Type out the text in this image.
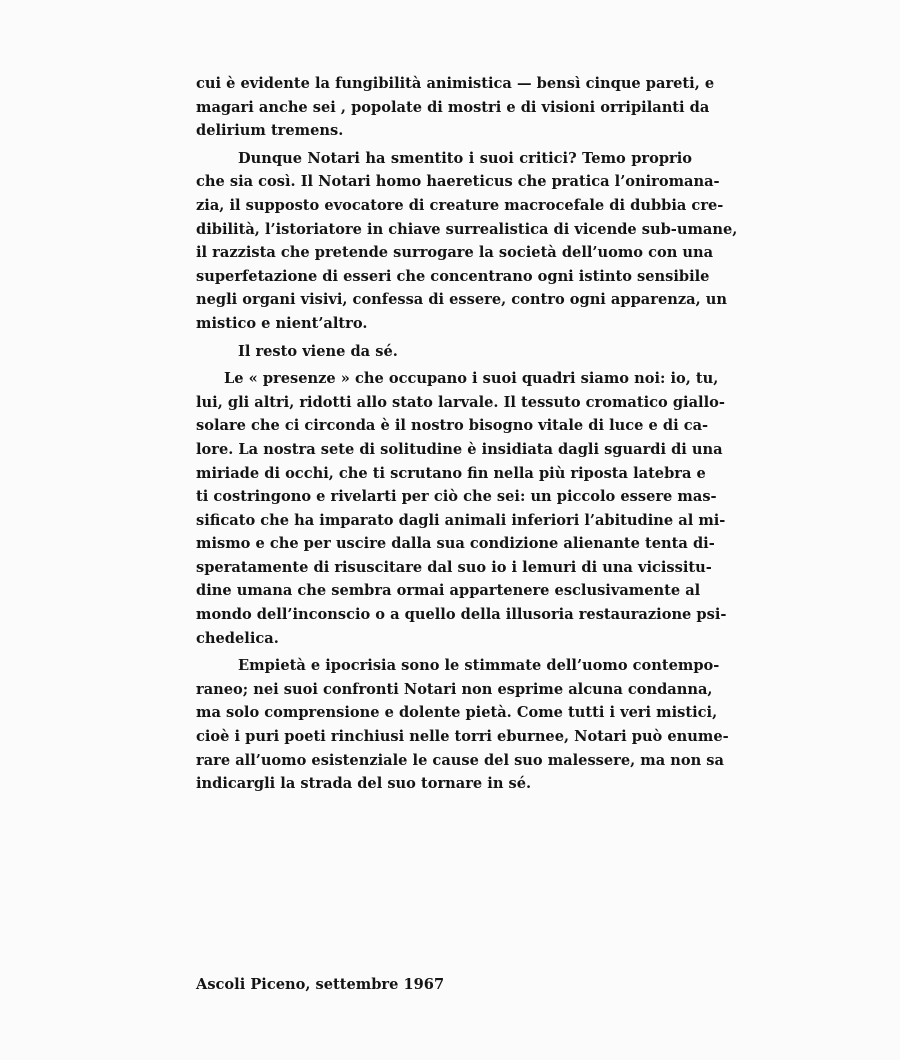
cui è evidente la fungibilità animistica — bensì cinque pareti, e
magari anche sei , popolate di mostri e di visioni orripilanti da
delirium tremens.
Dunque Notari ha smentito i suoi critici? Temo proprio
che sia così. Il Notari homo haereticus che pratica l’oniromanа-
zia, il supposto evocatore di creature macrocefale di dubbia cre-
dibilità, l’istoriatore in chiave surrealistica di vicende sub-umane,
il razzista che pretende surrogare la società dell’uomo con una
superfetazione di esseri che concentrano ogni istinto sensibile
negli organi visivi, confessa di essere, contro ogni apparenza, un
mistico e nient’altro.
Il resto viene da sé.
Le « presenze » che occupano i suoi quadri siamo noi: io, tu,
lui, gli altri, ridotti allo stato larvale. Il tessuto cromatico giallo-
solare che ci circonda è il nostro bisogno vitale di luce e di ca-
lore. La nostra sete di solitudine è insidiata dagli sguardi di una
miriade di occhi, che ti scrutano fin nella più riposta latebra e
ti costringono e rivelarti per ciò che sei: un piccolo essere mas-
sificato che ha imparato dagli animali inferiori l’abitudine al mi-
mismo e che per uscire dalla sua condizione alienante tenta di-
speratamente di risuscitare dal suo io i lemuri di una vicissitu-
dine umana che sembra ormai appartenere esclusivamente al
mondo dell’inconscio o a quello della illusoria restaurazione psi-
chedelica.
Empietà e ipocrisia sono le stimmate dell’uomo contempo-
raneo; nei suoi confronti Notari non esprime alcuna condanna,
ma solo comprensione e dolente pietà. Come tutti i veri mistici,
cioè i puri poeti rinchiusi nelle torri eburnee, Notari può enume-
rare all’uomo esistenziale le cause del suo malessere, ma non sa
indicargli la strada del suo tornare in sé.
Ascoli Piceno, settembre 1967
